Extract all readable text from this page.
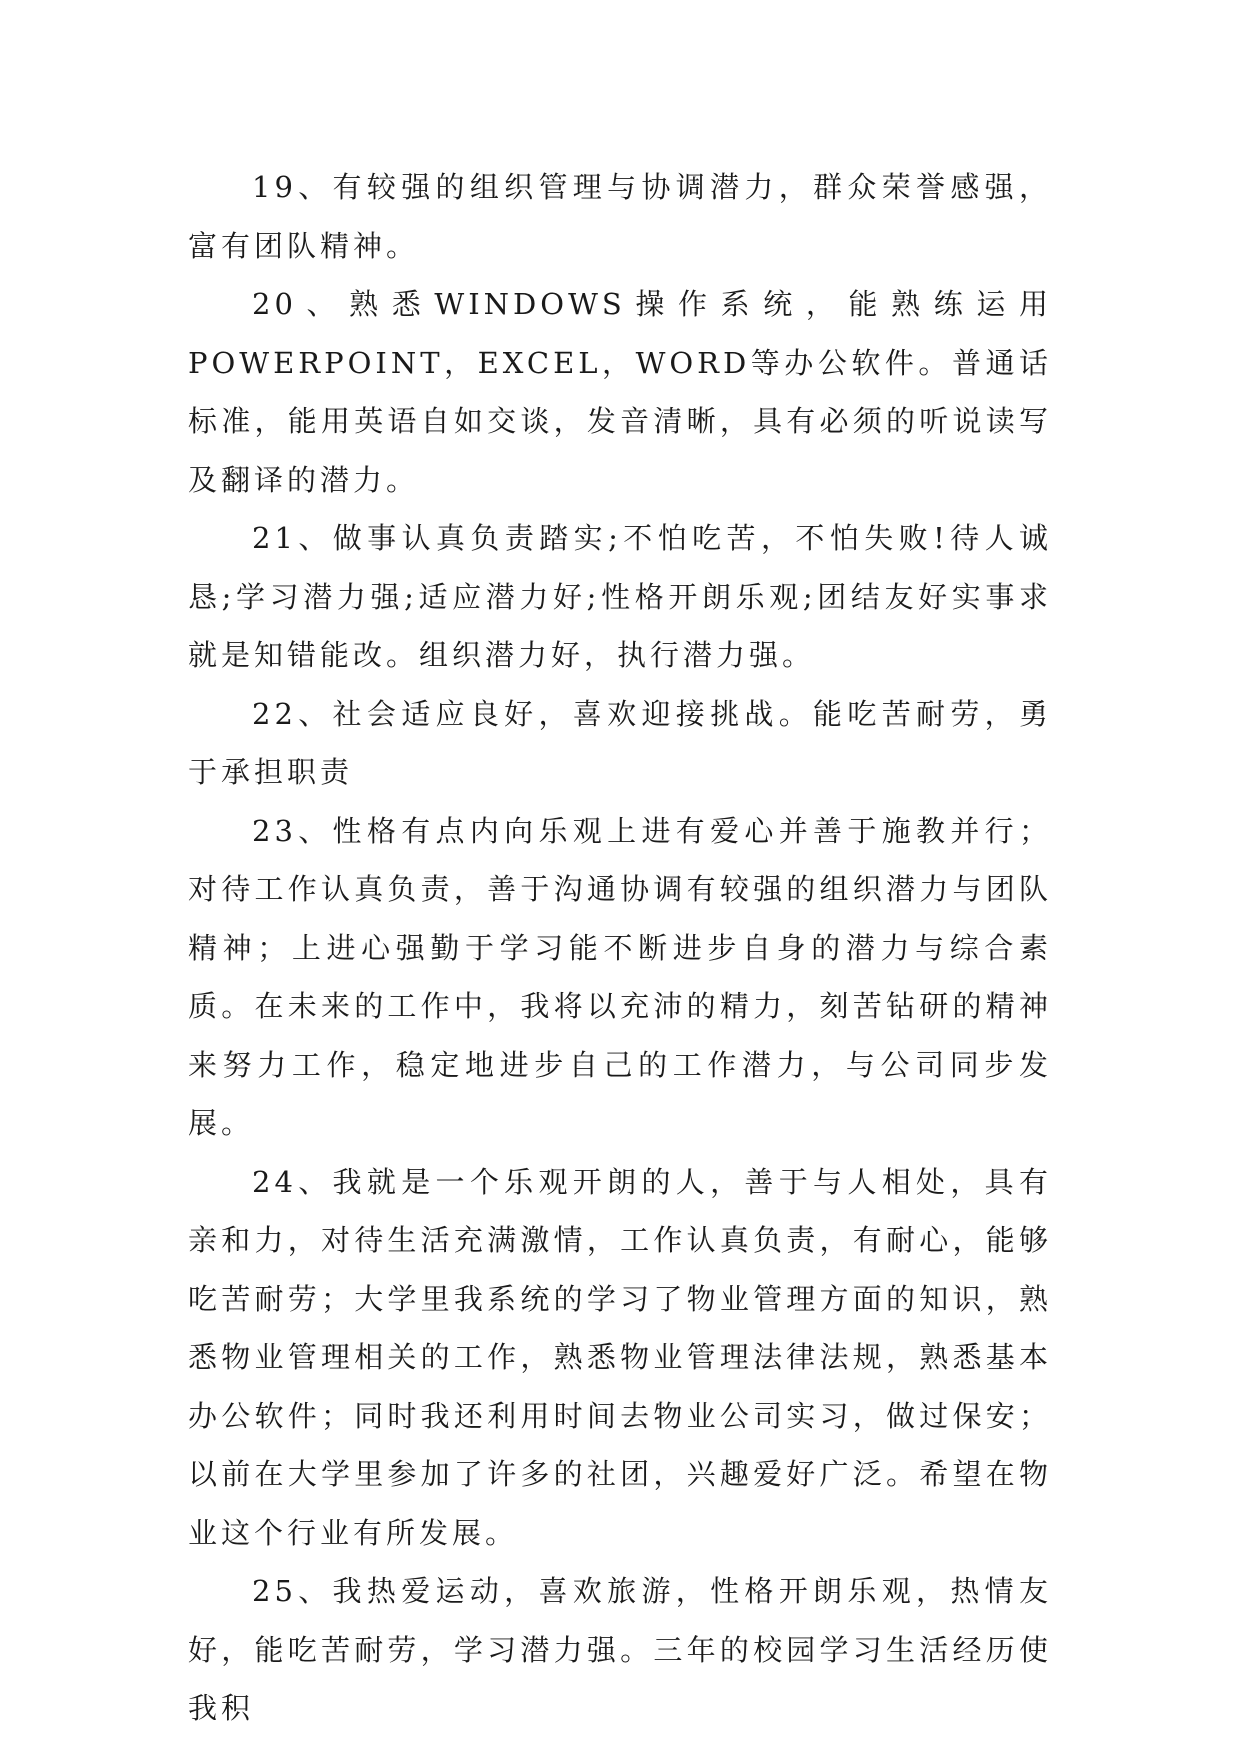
19、有较强的组织管理与协调潜力，群众荣誉感强，富有团队精神。

20、熟悉WINDOWS操作系统，能熟练运用POWERPOINT，EXCEL，WORD等办公软件。普通话标准，能用英语自如交谈，发音清晰，具有必须的听说读写及翻译的潜力。

21、做事认真负责踏实;不怕吃苦，不怕失败!待人诚恳;学习潜力强;适应潜力好;性格开朗乐观;团结友好实事求就是知错能改。组织潜力好，执行潜力强。

22、社会适应良好，喜欢迎接挑战。能吃苦耐劳，勇于承担职责

23、性格有点内向乐观上进有爱心并善于施教并行；对待工作认真负责，善于沟通协调有较强的组织潜力与团队精神；上进心强勤于学习能不断进步自身的潜力与综合素质。在未来的工作中，我将以充沛的精力，刻苦钻研的精神来努力工作，稳定地进步自己的工作潜力，与公司同步发展。

24、我就是一个乐观开朗的人，善于与人相处，具有亲和力，对待生活充满激情，工作认真负责，有耐心，能够吃苦耐劳；大学里我系统的学习了物业管理方面的知识，熟悉物业管理相关的工作，熟悉物业管理法律法规，熟悉基本办公软件；同时我还利用时间去物业公司实习，做过保安；以前在大学里参加了许多的社团，兴趣爱好广泛。希望在物业这个行业有所发展。

25、我热爱运动，喜欢旅游，性格开朗乐观，热情友好，能吃苦耐劳，学习潜力强。三年的校园学习生活经历使我积
